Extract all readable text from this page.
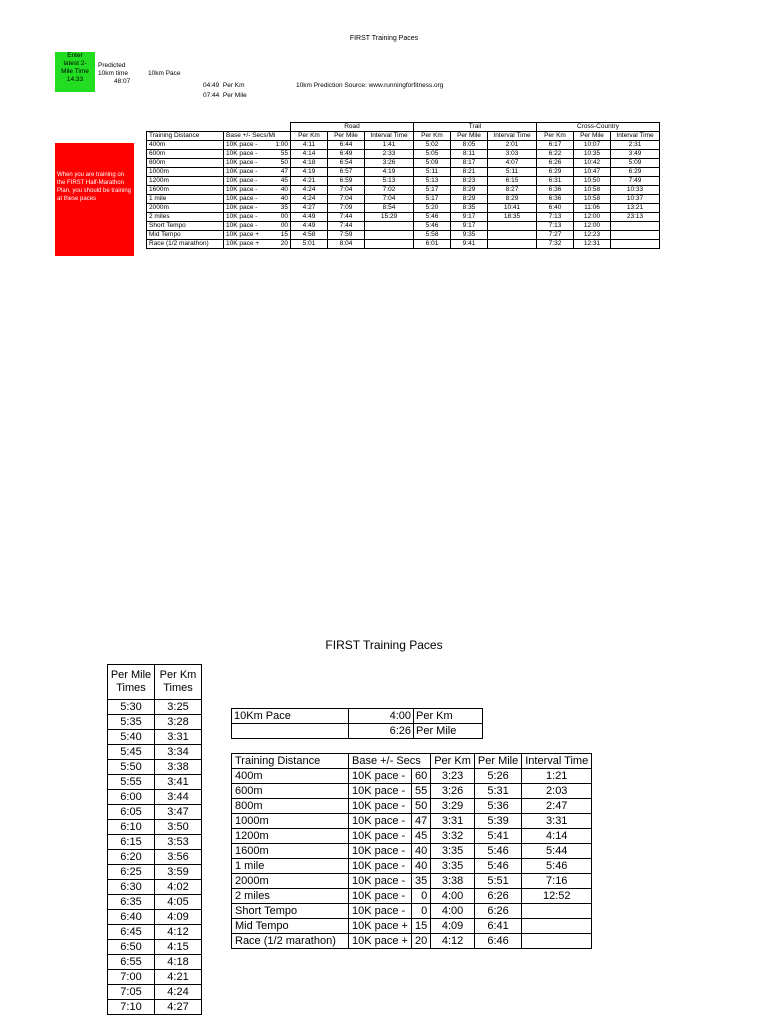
FIRST Training Paces
Enter
latest 2-
Mile Time
14:33
Predicted
10km time
48:07
10km Pace
04:49  Per Km
07:44  Per Mile
10km Prediction Source: www.runningforfitness.org
When you are training on the FIRST Half-Marathon Plan, you should be training at these paces
			Road			Trail			Cross-Country		
Training Distance	Base +/- Secs/Mi		Per Km	Per Mile	Interval Time	Per Km	Per Mile	Interval Time	Per Km	Per Mile	Interval Time
400m	10K pace -	1:00	4:11	6:44	1:41	5:02	8:05	2:01	6:17	10:07	2:31
600m	10K pace -	55	4:14	6:49	2:33	5:05	8:11	3:03	6:22	10:35	3:49
800m	10K pace -	50	4:18	6:54	3:26	5:09	8:17	4:07	6:26	10:42	5:09
1000m	10K pace -	47	4:19	6:57	4:19	5:11	8:21	5:11	6:29	10:47	6:29
1200m	10K pace -	45	4:21	6:59	5:13	5:13	8:23	6:15	6:31	10:50	7:49
1600m	10K pace -	40	4:24	7:04	7:02	5:17	8:29	8:27	6:36	10:58	10:33
1 mile	10K pace -	40	4:24	7:04	7:04	5:17	8:29	8:29	6:36	10:58	10:37
2000m	10K pace -	35	4:27	7:09	8:54	5:20	8:35	10:41	6:40	11:06	13:21
2 miles	10K pace -	00	4:49	7:44	15:29	5:46	9:17	18:35	7:13	12:00	23:13
Short Tempo	10K pace -	00	4:49	7:44		5:46	9:17		7:13	12:00	
Mid Tempo	10K pace +	15	4:58	7:59		5:58	9:35		7:27	12:23	
Race (1/2 marathon)	10K pace +	20	5:01	8:04		6:01	9:41		7:32	12:31	
FIRST Training Paces
Per Mile Times	Per Km Times
5:30	3:25
5:35	3:28
5:40	3:31
5:45	3:34
5:50	3:38
5:55	3:41
6:00	3:44
6:05	3:47
6:10	3:50
6:15	3:53
6:20	3:56
6:25	3:59
6:30	4:02
6:35	4:05
6:40	4:09
6:45	4:12
6:50	4:15
6:55	4:18
7:00	4:21
7:05	4:24
7:10	4:27
10Km Pace	4:00	Per Km
	6:26	Per Mile
Training Distance	Base +/- Secs		Per Km	Per Mile	Interval Time
400m	10K pace -	60	3:23	5:26	1:21
600m	10K pace -	55	3:26	5:31	2:03
800m	10K pace -	50	3:29	5:36	2:47
1000m	10K pace -	47	3:31	5:39	3:31
1200m	10K pace -	45	3:32	5:41	4:14
1600m	10K pace -	40	3:35	5:46	5:44
1 mile	10K pace -	40	3:35	5:46	5:46
2000m	10K pace -	35	3:38	5:51	7:16
2 miles	10K pace -	0	4:00	6:26	12:52
Short Tempo	10K pace -	0	4:00	6:26	
Mid Tempo	10K pace +	15	4:09	6:41	
Race (1/2 marathon)	10K pace +	20	4:12	6:46	
